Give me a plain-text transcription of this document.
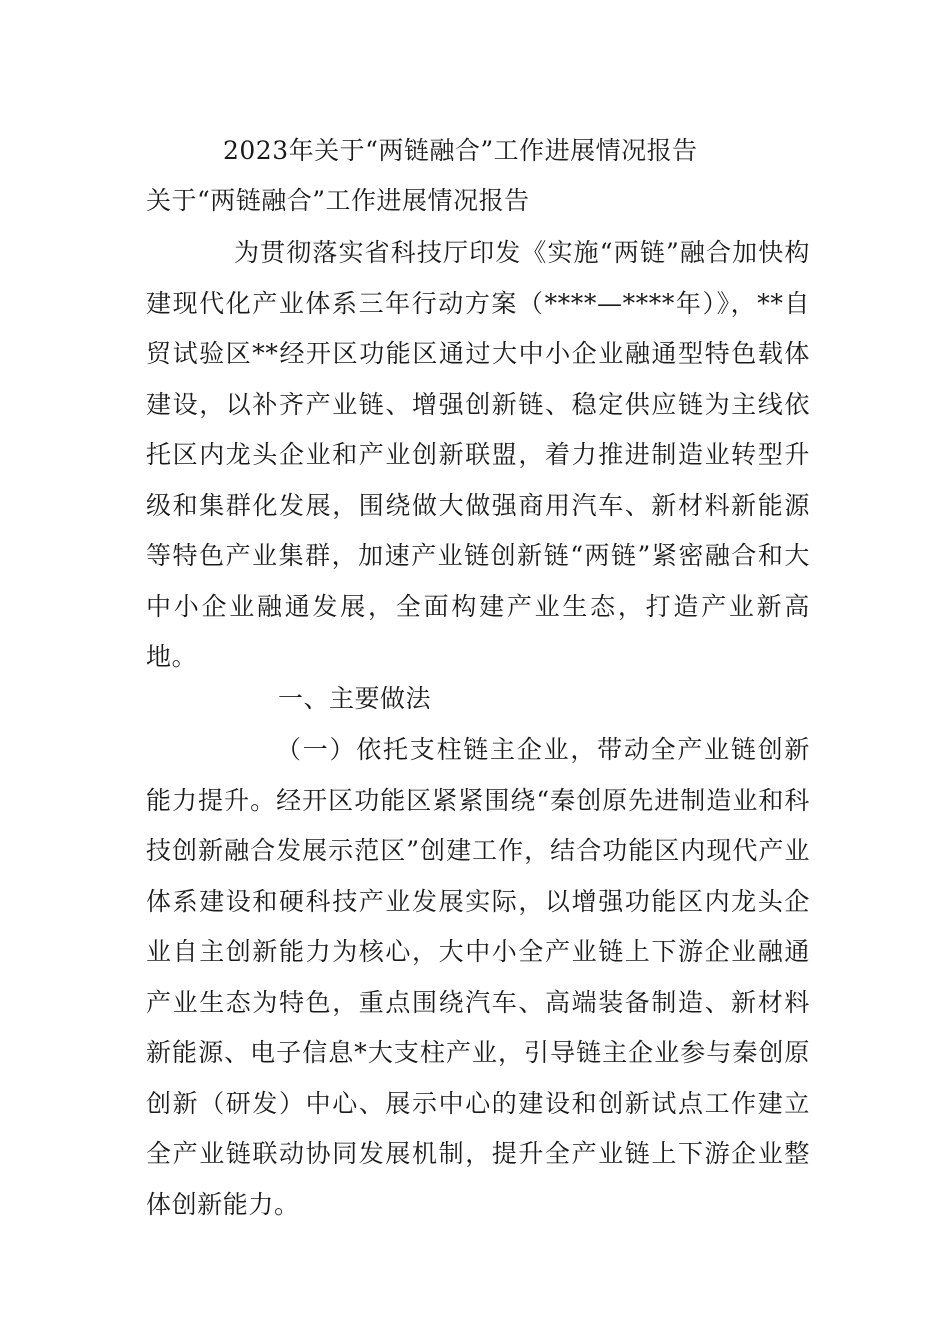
2023年关于“两链融合”工作进展情况报告
关于“两链融合”工作进展情况报告

为贯彻落实省科技厅印发《实施“两链”融合加快构建现代化产业体系三年行动方案（****—****年）》，**自贸试验区**经开区功能区通过大中小企业融通型特色载体建设，以补齐产业链、增强创新链、稳定供应链为主线依托区内龙头企业和产业创新联盟，着力推进制造业转型升级和集群化发展，围绕做大做强商用汽车、新材料新能源等特色产业集群，加速产业链创新链“两链”紧密融合和大中小企业融通发展，全面构建产业生态，打造产业新高地。

一、主要做法

（一）依托支柱链主企业，带动全产业链创新能力提升。经开区功能区紧紧围绕“秦创原先进制造业和科技创新融合发展示范区”创建工作，结合功能区内现代产业体系建设和硬科技产业发展实际，以增强功能区内龙头企业自主创新能力为核心，大中小全产业链上下游企业融通产业生态为特色，重点围绕汽车、高端装备制造、新材料新能源、电子信息*大支柱产业，引导链主企业参与秦创原创新（研发）中心、展示中心的建设和创新试点工作建立全产业链联动协同发展机制，提升全产业链上下游企业整体创新能力。
